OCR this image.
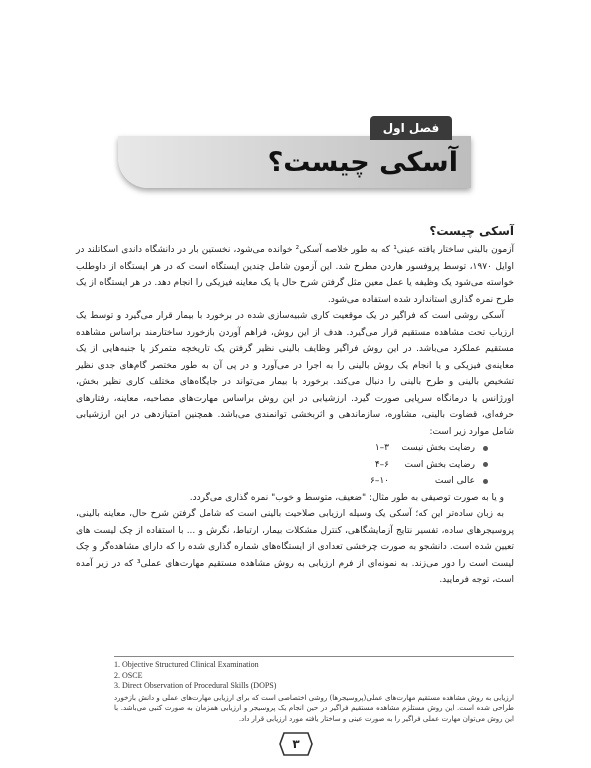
فصل اول
آسکی چیست؟
آسکی چیست؟

آزمون بالینی ساختار یافته عینی¹ که به طور خلاصه آسکی² خوانده می‌شود، نخستین بار در دانشگاه داندی اسکاتلند در اوایل ۱۹۷۰، توسط پروفسور هاردن مطرح شد. این آزمون شامل چندین ایستگاه است که در هر ایستگاه از داوطلب خواسته می‌شود یک وظیفه یا عمل معین مثل گرفتن شرح حال یا یک معاینه فیزیکی را انجام دهد. در هر ایستگاه از یک طرح نمره گذاری استاندارد شده استفاده می‌شود.

آسکی روشی است که فراگیر در یک موقعیت کاری شبیه‌سازی شده در برخورد با بیمار قرار می‌گیرد و توسط یک ارزیاب تحت مشاهده مستقیم قرار می‌گیرد. هدف از این روش، فراهم آوردن بازخورد ساختارمند براساس مشاهده مستقیم عملکرد می‌باشد. در این روش فراگیر وظایف بالینی نظیر گرفتن یک تاریخچه متمرکز یا جنبه‌هایی از یک معاینه‌ی فیزیکی و یا انجام یک روش بالینی را به اجرا در می‌آورد و در پی آن به طور مختصر گام‌های جدی نظیر تشخیص بالینی و طرح بالینی را دنبال می‌کند. برخورد با بیمار می‌تواند در جایگاه‌های مختلف کاری نظیر بخش، اورژانس یا درمانگاه سرپایی صورت گیرد. ارزشیابی در این روش براساس مهارت‌های مصاحبه، معاینه، رفتارهای حرفه‌ای، قضاوت بالینی، مشاوره، سازماندهی و اثربخشی توانمندی می‌باشد. همچنین امتیازدهی در این ارزشیابی شامل موارد زیر است:

رضایت بخش نیست
۱–۳
رضایت بخش است
۴–۶
عالی است
۶–۱۰

و یا به صورت توصیفی به طور مثال: "ضعیف، متوسط و خوب" نمره گذاری می‌گردد.

به زبان ساده‌تر این که؛ آسکی یک وسیله ارزیابی صلاحیت بالینی است که شامل گرفتن شرح حال، معاینه بالینی، پروسیجرهای ساده، تفسیر نتایج آزمایشگاهی، کنترل مشکلات بیمار، ارتباط، نگرش و ... با استفاده از چک لیست های تعیین شده است. دانشجو به صورت چرخشی تعدادی از ایستگاه‌های شماره گذاری شده را که دارای مشاهده‌گر و چک لیست است را دور می‌زند. به نمونه‌ای از فرم ارزیابی به روش مشاهده مستقیم مهارت‌های عملی³ که در زیر آمده است، توجه فرمایید.

1. Objective Structured Clinical Examination
2. OSCE
3. Direct Observation of Procedural Skills (DOPS)
ارزیابی به روش مشاهده مستقیم مهارت‌های عملی(پروسیجرها) روشی اختصاصی است که برای ارزیابی مهارت‌های عملی و دانش بازخورد طراحی شده است. این روش مستلزم مشاهده مستقیم فراگیر در حین انجام یک پروسیجر و ارزیابی همزمان به صورت کتبی می‌باشد. با این روش می‌توان مهارت عملی فراگیر را به صورت عینی و ساختار یافته مورد ارزیابی قرار داد.
۳
